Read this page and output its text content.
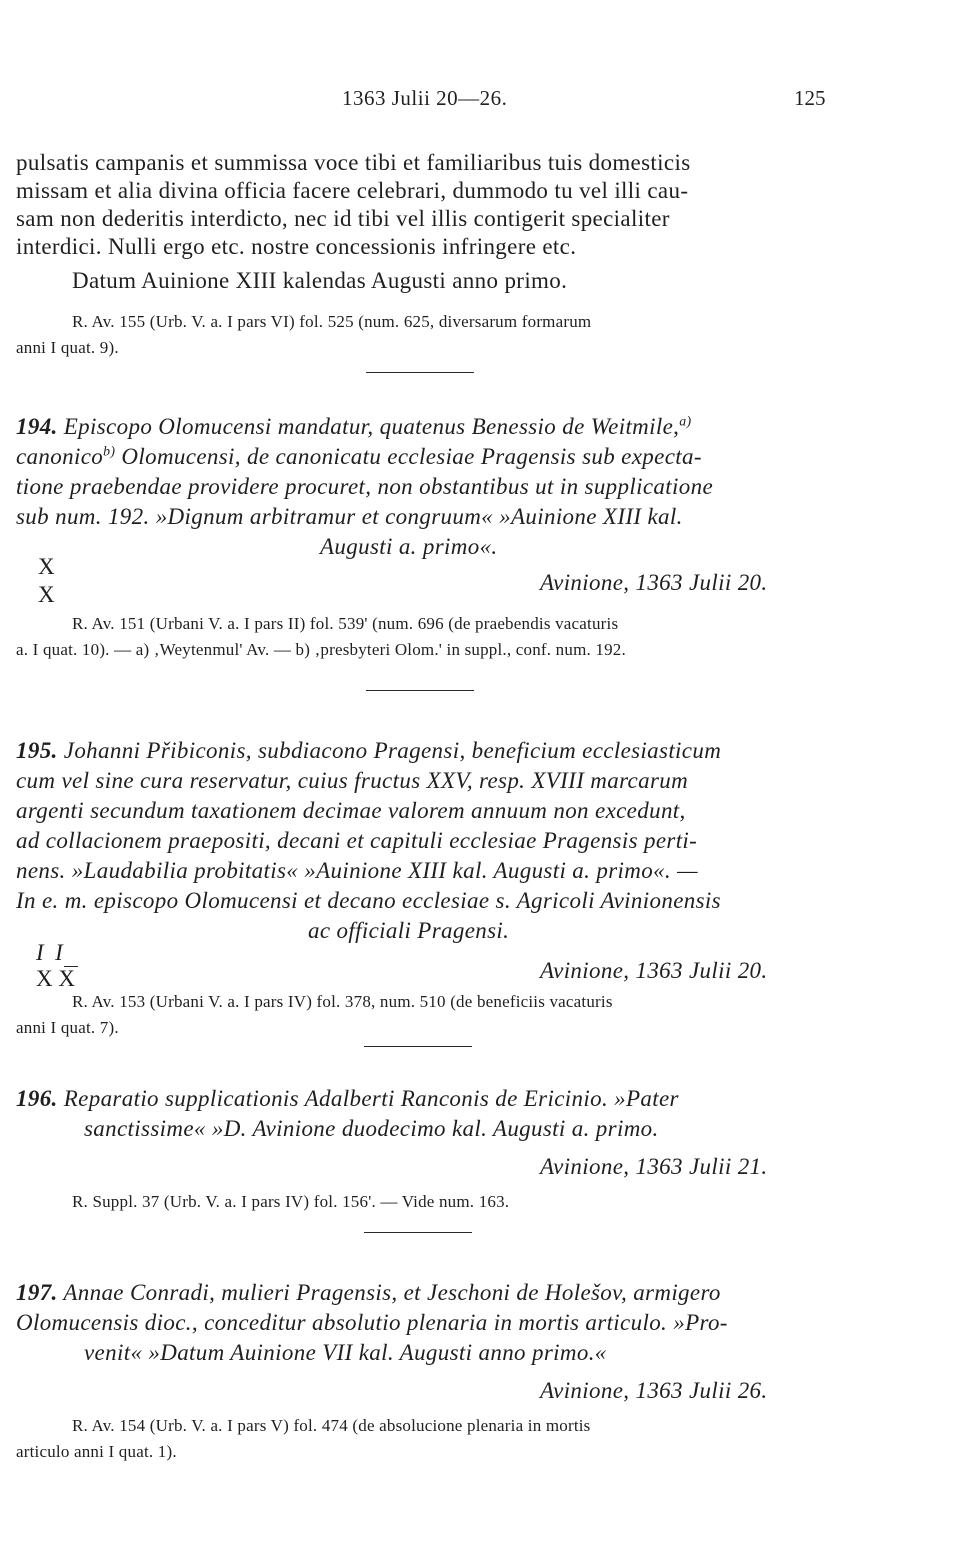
1363 Julii 20—26.	125
pulsatis campanis et summissa voce tibi et familiaribus tuis domesticis
missam et alia divina officia facere celebrari, dummodo tu vel illi cau-
sam non dederitis interdicto, nec id tibi vel illis contigerit specialiter
interdici. Nulli ergo etc. nostre concessionis infringere etc.
Datum Auinione XIII kalendas Augusti anno primo.
R. Av. 155 (Urb. V. a. I pars VI) fol. 525 (num. 625, diversarum formarum
anni I quat. 9).
194. Episcopo Olomucensi mandatur, quatenus Benessio de Weitmile,$^{a)}$
canonico$^{b)}$ Olomucensi, de canonicatu ecclesiae Pragensis sub expecta-
tione praebendae providere procuret, non obstantibus ut in supplicatione
sub num. 192. »Dignum arbitramur et congruum« »Auinione XIII kal.
Augusti a. primo«.
X
X	Avinione, 1363 Julii 20.
R. Av. 151 (Urbani V. a. I pars II) fol. 539' (num. 696 (de praebendis vacaturis
a. I quat. 10). — a) ‚Weytenmul' Av. — b) ‚presbyteri Olom.' in suppl., conf. num. 192.
195. Johanni Přibiconis, subdiacono Pragensi, beneficium ecclesiasticum
cum vel sine cura reservatur, cuius fructus XXV, resp. XVIII marcarum
argenti secundum taxationem decimae valorem annuum non excedunt,
ad collacionem praepositi, decani et capituli ecclesiae Pragensis perti-
nens. »Laudabilia probitatis« »Auinione XIII kal. Augusti a. primo«. —
In e. m. episcopo Olomucensi et decano ecclesiae s. Agricoli Avinionensis
ac officiali Pragensi.
I  I
X X	Avinione, 1363 Julii 20.
R. Av. 153 (Urbani V. a. I pars IV) fol. 378, num. 510 (de beneficiis vacaturis
anni I quat. 7).
196. Reparatio supplicationis Adalberti Ranconis de Ericinio. »Pater
sanctissime« »D. Avinione duodecimo kal. Augusti a. primo.
Avinione, 1363 Julii 21.
R. Suppl. 37 (Urb. V. a. I pars IV) fol. 156'. — Vide num. 163.
197. Annae Conradi, mulieri Pragensis, et Jeschoni de Holešov, armigero
Olomucensis dioc., conceditur absolutio plenaria in mortis articulo. »Pro-
venit« »Datum Auinione VII kal. Augusti anno primo.«
Avinione, 1363 Julii 26.
R. Av. 154 (Urb. V. a. I pars V) fol. 474 (de absolucione plenaria in mortis
articulo anni I quat. 1).
